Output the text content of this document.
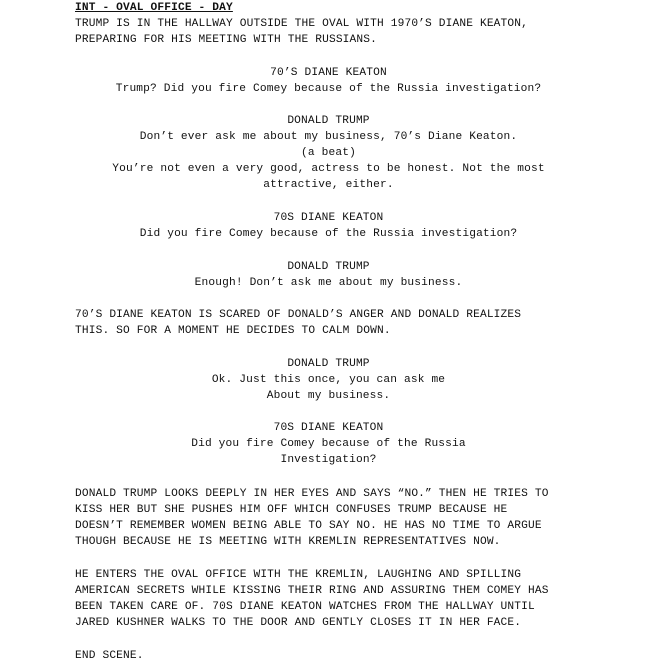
INT - OVAL OFFICE - DAY
TRUMP IS IN THE HALLWAY OUTSIDE THE OVAL WITH 1970’S DIANE KEATON,
PREPARING FOR HIS MEETING WITH THE RUSSIANS.
70’S DIANE KEATON
Trump? Did you fire Comey because of the Russia investigation?
DONALD TRUMP
Don’t ever ask me about my business, 70’s Diane Keaton.
(a beat)
You’re not even a very good, actress to be honest. Not the most
attractive, either.
70S DIANE KEATON
Did you fire Comey because of the Russia investigation?
DONALD TRUMP
Enough! Don’t ask me about my business.
70’S DIANE KEATON IS SCARED OF DONALD’S ANGER AND DONALD REALIZES
THIS. SO FOR A MOMENT HE DECIDES TO CALM DOWN.
DONALD TRUMP
Ok. Just this once, you can ask me
About my business.
70S DIANE KEATON
Did you fire Comey because of the Russia
Investigation?
DONALD TRUMP LOOKS DEEPLY IN HER EYES AND SAYS “NO.” THEN HE TRIES TO
KISS HER BUT SHE PUSHES HIM OFF WHICH CONFUSES TRUMP BECAUSE HE
DOESN’T REMEMBER WOMEN BEING ABLE TO SAY NO. HE HAS NO TIME TO ARGUE
THOUGH BECAUSE HE IS MEETING WITH KREMLIN REPRESENTATIVES NOW.
HE ENTERS THE OVAL OFFICE WITH THE KREMLIN, LAUGHING AND SPILLING
AMERICAN SECRETS WHILE KISSING THEIR RING AND ASSURING THEM COMEY HAS
BEEN TAKEN CARE OF. 70S DIANE KEATON WATCHES FROM THE HALLWAY UNTIL
JARED KUSHNER WALKS TO THE DOOR AND GENTLY CLOSES IT IN HER FACE.
END SCENE.
